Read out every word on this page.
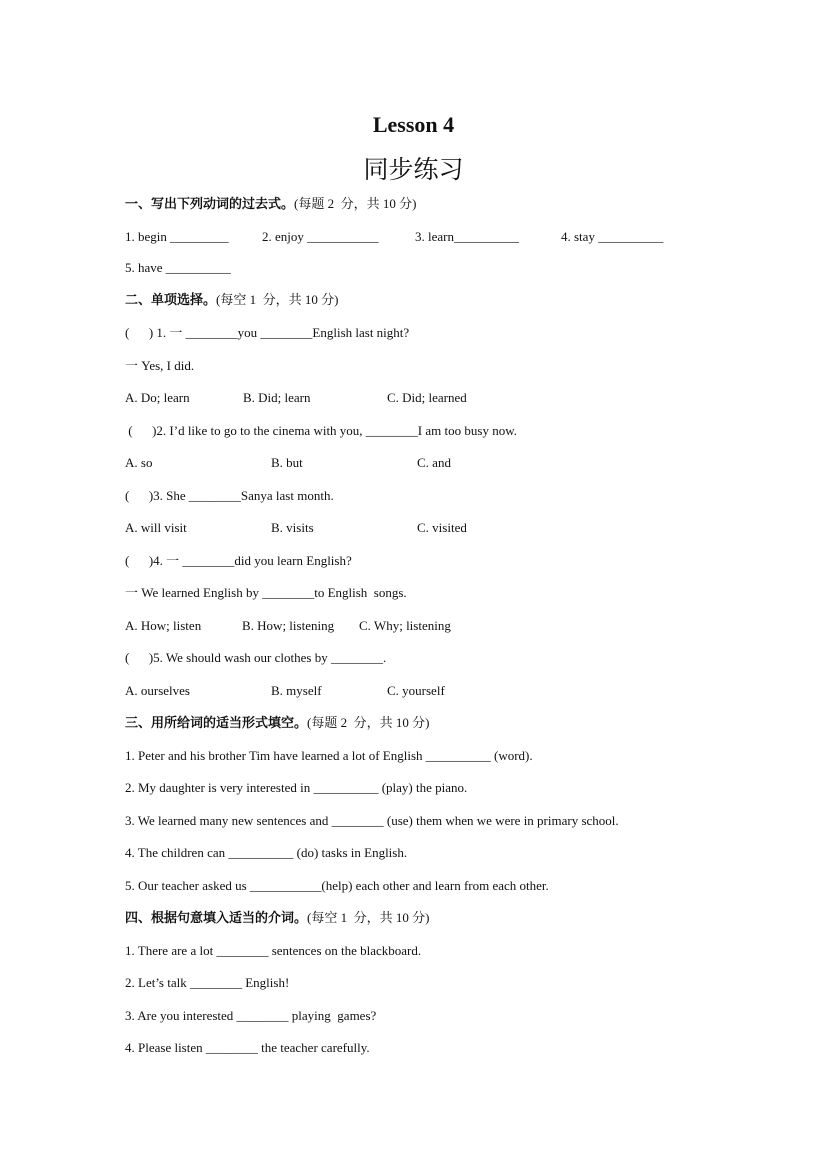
Lesson 4
同步练习
一、写出下列动词的过去式。(每题 2  分，共 10 分)
1. begin _________	2. enjoy ___________	3. learn__________	4. stay __________
5. have __________
二、单项选择。(每空 1  分，共 10 分)
(      ) 1. 一 ________you ________English last night?
一 Yes, I did.
A. Do; learn	B. Did; learn	C. Did; learned
(      )2. I’d like to go to the cinema with you, ________I am too busy now.
A. so	B. but	C. and
(      )3. She ________Sanya last month.
A. will visit	B. visits	C. visited
(      )4. 一 ________did you learn English?
一 We learned English by ________to English  songs.
A. How; listen	B. How; listening C. Why; listening
(      )5. We should wash our clothes by ________.
A. ourselves	B. myself	C. yourself
三、用所给词的适当形式填空。(每题 2  分，共 10 分)
1. Peter and his brother Tim have learned a lot of English __________ (word).
2. My daughter is very interested in __________ (play) the piano.
3. We learned many new sentences and ________ (use) them when we were in primary school.
4. The children can __________ (do) tasks in English.
5. Our teacher asked us ___________(help) each other and learn from each other.
四、根据句意填入适当的介词。(每空 1  分，共 10 分)
1. There are a lot ________ sentences on the blackboard.
2. Let’s talk ________ English!
3. Are you interested ________ playing  games?
4. Please listen ________ the teacher carefully.
